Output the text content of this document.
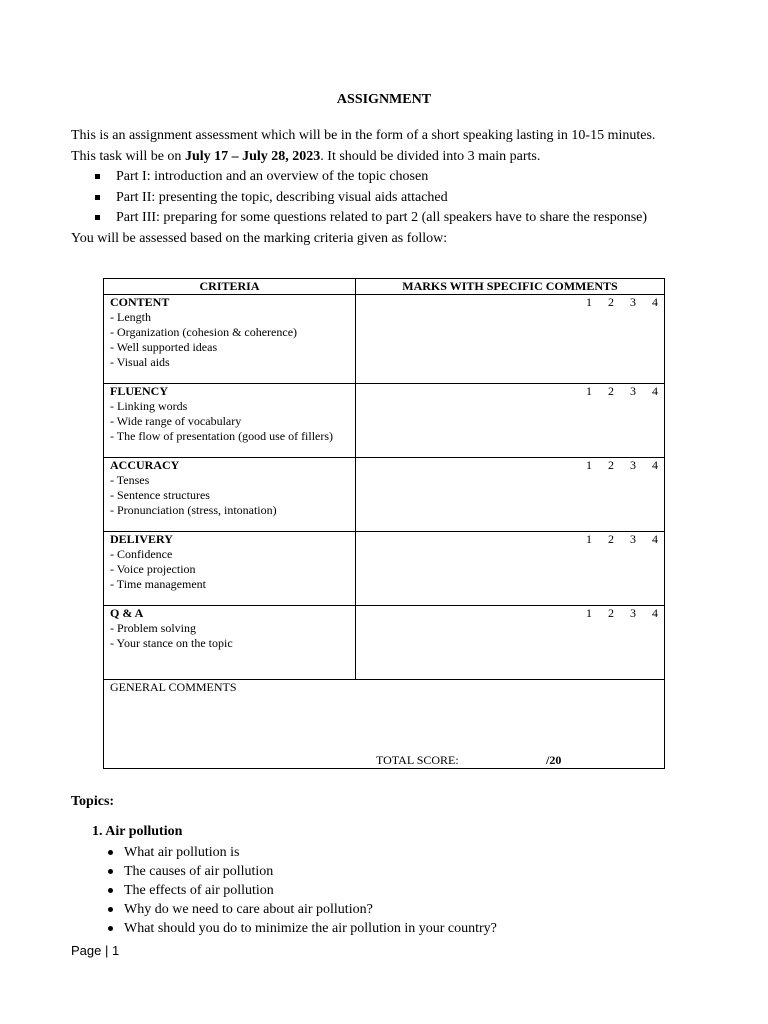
ASSIGNMENT

This is an assignment assessment which will be in the form of a short speaking lasting in 10-15 minutes.

This task will be on July 17 – July 28, 2023. It should be divided into 3 main parts.

Part I: introduction and an overview of the topic chosen
Part II: presenting the topic, describing visual aids attached
Part III: preparing for some questions related to part 2 (all speakers have to share the response)

You will be assessed based on the marking criteria given as follow:

CRITERIA	MARKS WITH SPECIFIC COMMENTS

CONTENT
- Length
- Organization (cohesion & coherence)
- Well supported ideas
- Visual aids	1 2 3 4

FLUENCY
- Linking words
- Wide range of vocabulary
- The flow of presentation (good use of fillers)	1 2 3 4

ACCURACY
- Tenses
- Sentence structures
- Pronunciation (stress, intonation)	1 2 3 4

DELIVERY
- Confidence
- Voice projection
- Time management	1 2 3 4

Q & A
- Problem solving
- Your stance on the topic	1 2 3 4

GENERAL COMMENTS
TOTAL SCORE: /20	
Topics:
1. Air pollution
What air pollution is
The causes of air pollution
The effects of air pollution
Why do we need to care about air pollution?
What should you do to minimize the air pollution in your country?
Page | 1
